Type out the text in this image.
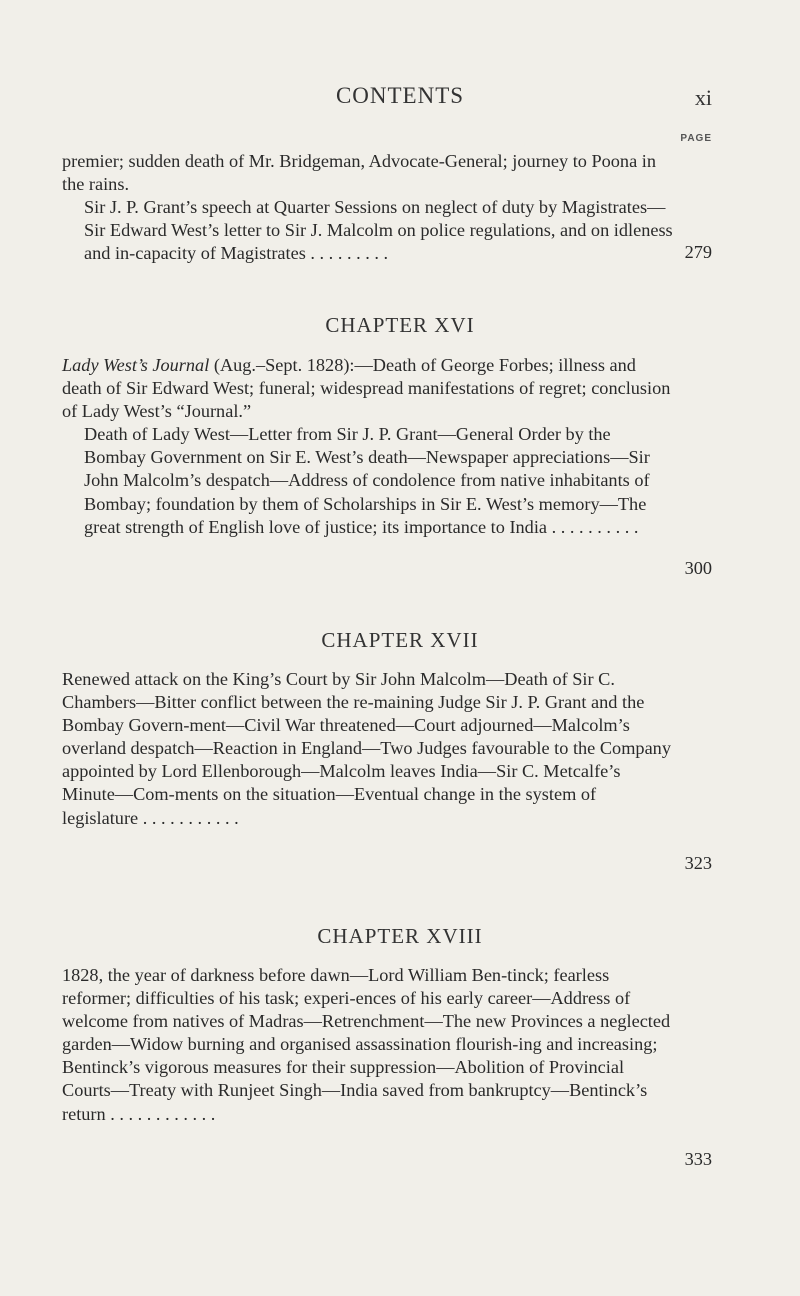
CONTENTS	xi
PAGE

premier; sudden death of Mr. Bridgeman, Advocate-General; journey to Poona in the rains.

Sir J. P. Grant’s speech at Quarter Sessions on neglect of duty by Magistrates—Sir Edward West’s letter to Sir J. Malcolm on police regulations, and on idleness and in-capacity of Magistrates . . . . . . . . .	279
CHAPTER XVI

Lady West’s Journal (Aug.–Sept. 1828):—Death of George Forbes; illness and death of Sir Edward West; funeral; widespread manifestations of regret; conclusion of Lady West’s “Journal.”

Death of Lady West—Letter from Sir J. P. Grant—General Order by the Bombay Government on Sir E. West’s death—Newspaper appreciations—Sir John Malcolm’s despatch—Address of condolence from native inhabitants of Bombay; foundation by them of Scholarships in Sir E. West’s memory—The great strength of English love of justice; its importance to India . . . . . . . . . .

300
CHAPTER XVII

Renewed attack on the King’s Court by Sir John Malcolm—Death of Sir C. Chambers—Bitter conflict between the re-maining Judge Sir J. P. Grant and the Bombay Govern-ment—Civil War threatened—Court adjourned—Malcolm’s overland despatch—Reaction in England—Two Judges favourable to the Company appointed by Lord Ellenborough—Malcolm leaves India—Sir C. Metcalfe’s Minute—Com-ments on the situation—Eventual change in the system of legislature . . . . . . . . . . .

323
CHAPTER XVIII

1828, the year of darkness before dawn—Lord William Ben-tinck; fearless reformer; difficulties of his task; experi-ences of his early career—Address of welcome from natives of Madras—Retrenchment—The new Provinces a neglected garden—Widow burning and organised assassination flourish-ing and increasing; Bentinck’s vigorous measures for their suppression—Abolition of Provincial Courts—Treaty with Runjeet Singh—India saved from bankruptcy—Bentinck’s return . . . . . . . . . . . .

333
